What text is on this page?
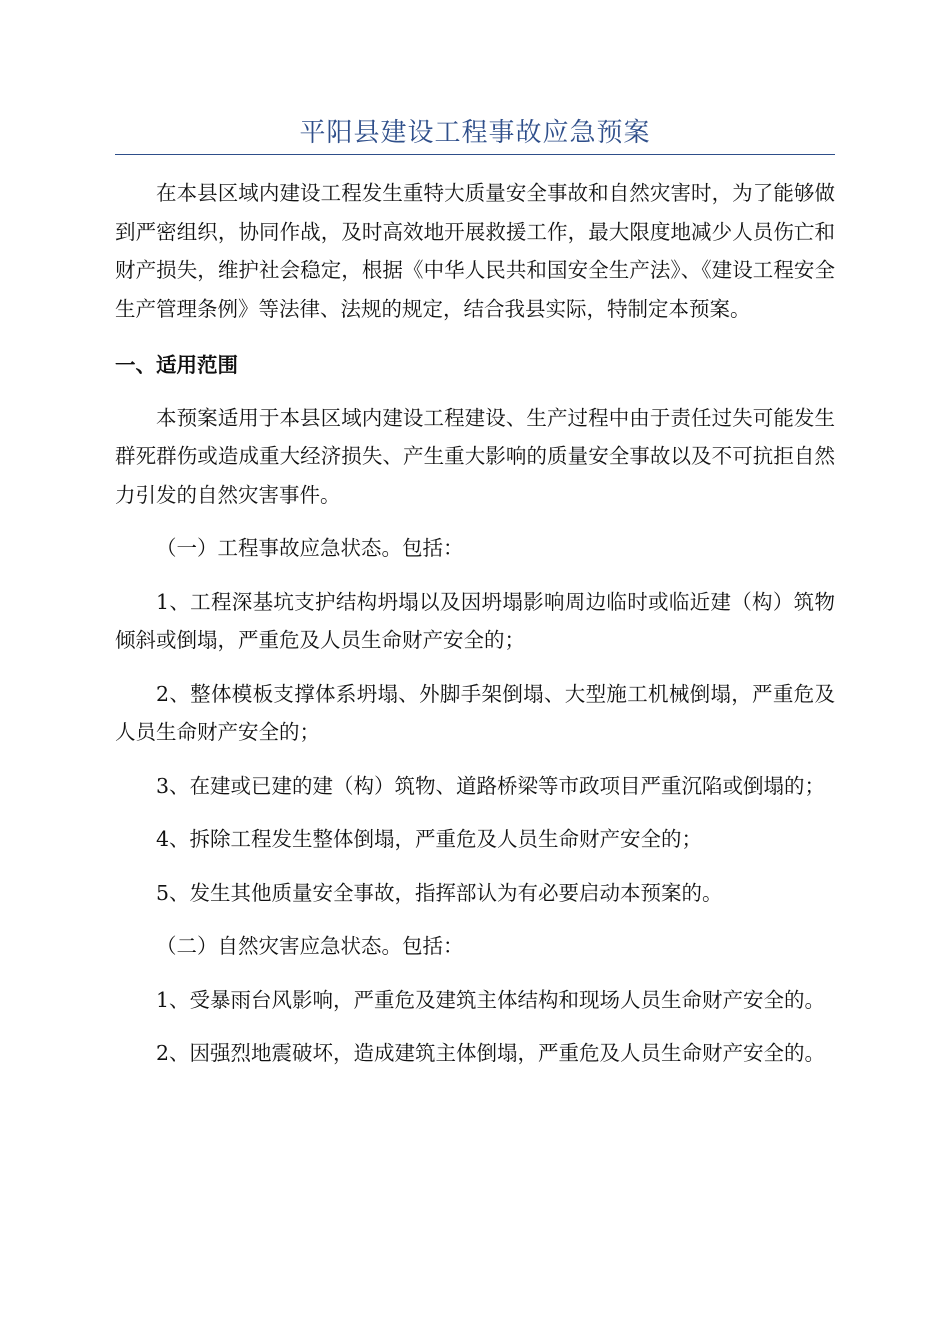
平阳县建设工程事故应急预案

在本县区域内建设工程发生重特大质量安全事故和自然灾害时，为了能够做到严密组织，协同作战，及时高效地开展救援工作，最大限度地减少人员伤亡和财产损失，维护社会稳定，根据《中华人民共和国安全生产法》、《建设工程安全生产管理条例》等法律、法规的规定，结合我县实际，特制定本预案。

一、适用范围

本预案适用于本县区域内建设工程建设、生产过程中由于责任过失可能发生群死群伤或造成重大经济损失、产生重大影响的质量安全事故以及不可抗拒自然力引发的自然灾害事件。

（一）工程事故应急状态。包括：

1、工程深基坑支护结构坍塌以及因坍塌影响周边临时或临近建（构）筑物倾斜或倒塌，严重危及人员生命财产安全的；

2、整体模板支撑体系坍塌、外脚手架倒塌、大型施工机械倒塌，严重危及人员生命财产安全的；

3、在建或已建的建（构）筑物、道路桥梁等市政项目严重沉陷或倒塌的；

4、拆除工程发生整体倒塌，严重危及人员生命财产安全的；

5、发生其他质量安全事故，指挥部认为有必要启动本预案的。

（二）自然灾害应急状态。包括：

1、受暴雨台风影响，严重危及建筑主体结构和现场人员生命财产安全的。

2、因强烈地震破坏，造成建筑主体倒塌，严重危及人员生命财产安全的。
